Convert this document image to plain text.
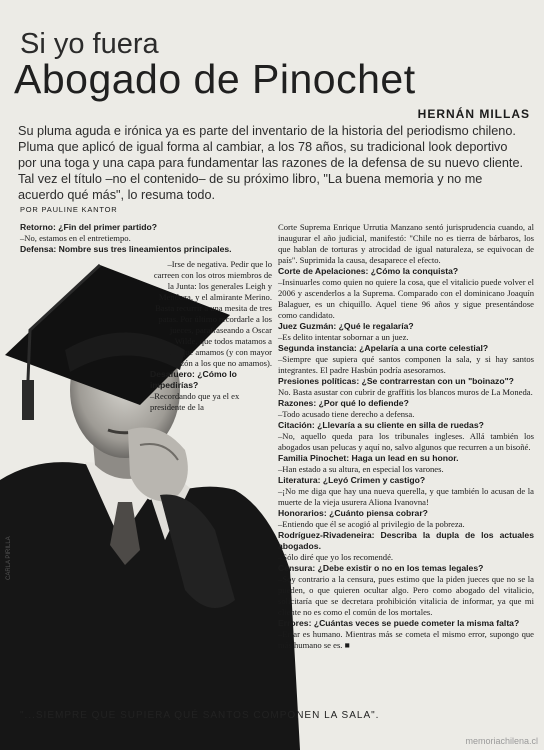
Si yo fuera
Abogado de Pinochet
HERNÁN MILLAS
Su pluma aguda e irónica ya es parte del inventario de la historia del periodismo chileno. Pluma que aplicó de igual forma al cambiar, a los 78 años, su tradicional look deportivo por una toga y una capa para fundamentar las razones de la defensa de su nuevo cliente. Tal vez el título –no el contenido– de su próximo libro, "La buena memoria y no me acuerdo qué más", lo resuma todo.
POR PAULINE KANTOR
CARLA PIRILLA

Retorno: ¿Fin del primer partido?

–No, estamos en el entretiempo.

Defensa: Nombre sus tres lineamientos principales.

–Irse de negativa. Pedir que lo carreen con los otros miembros de la Junta: los generales Leigh y Mendoza, y el almirante Merino. Basta recurrir a una mesita de tres patas. Por último recordarle a los jueces, parafraseando a Oscar Wilde, que todos matamos a aquellos que amamos (y con mayor razón a los que no amamos).

Desafuero: ¿Cómo lo impedirías?

–Recordando que ya el ex presidente de la

Corte Suprema Enrique Urrutia Manzano sentó jurisprudencia cuando, al inaugurar el año judicial, manifestó: "Chile no es tierra de bárbaros, los que hablan de torturas y atrocidad de igual naturaleza, se equivocan de país". Suprimida la causa, desaparece el efecto.

Corte de Apelaciones: ¿Cómo la conquista?

–Insinuarles como quien no quiere la cosa, que el vitalicio puede volver el 2006 y ascenderlos a la Suprema. Comparado con el dominicano Joaquín Balaguer, es un chiquillo. Aquel tiene 96 años y sigue presentándose como candidato.

Juez Guzmán: ¿Qué le regalaría?

–Es delito intentar sobornar a un juez.

Segunda instancia: ¿Apelaría a una corte celestial?

–Siempre que supiera qué santos componen la sala, y si hay santos integrantes. El padre Hasbún podría asesorarnos.

Presiones políticas: ¿Se contrarrestan con un "boinazo"?

No. Basta asustar con cubrir de graffitis los blancos muros de La Moneda.

Razones: ¿Por qué lo defiende?

–Todo acusado tiene derecho a defensa.

Citación: ¿Llevaría a su cliente en silla de ruedas?

–No, aquello queda para los tribunales ingleses. Allá también los abogados usan pelucas y aquí no, salvo algunos que recurren a un bisoñé.

Familia Pinochet: Haga un lead en su honor.

–Han estado a su altura, en especial los varones.

Literatura: ¿Leyó Crimen y castigo?

–¡No me diga que hay una nueva querella, y que también lo acusan de la muerte de la vieja usurera Aliona Ivanovna!

Honorarios: ¿Cuánto piensa cobrar?

–Entiendo que él se acogió al privilegio de la pobreza.

Rodríguez-Rivadeneira: Describa la dupla de los actuales abogados.

–Sólo diré que yo los recomendé.

Censura: ¿Debe existir o no en los temas legales?

–Soy contrario a la censura, pues estimo que la piden jueces que no se la pueden, o que quieren ocultar algo. Pero como abogado del vitalicio, solicitaría que se decretara prohibición vitalicia de informar, ya que mi cliente no es como el común de los mortales.

Errores: ¿Cuántas veces se puede cometer la misma falta?

–Errar es humano. Mientras más se cometa el mismo error, supongo que más humano se es. ■

"...SIEMPRE QUE SUPIERA QUÉ SANTOS COMPONEN LA SALA".
memoriachilena.cl
